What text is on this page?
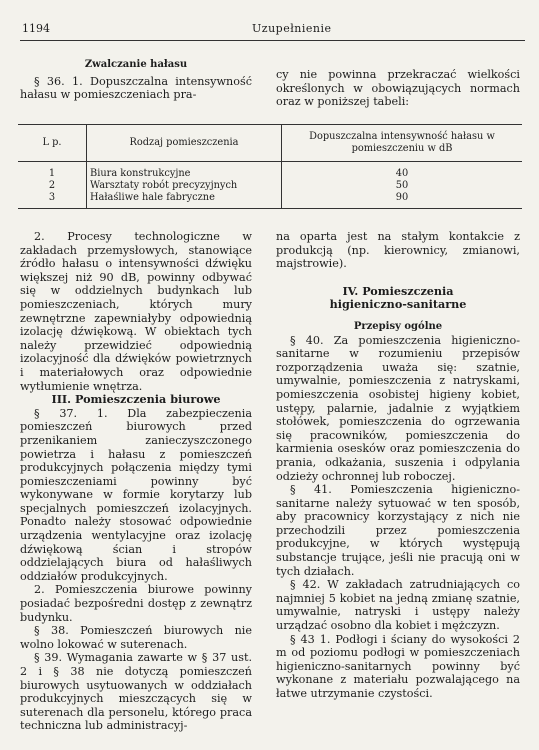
1194	Uzupełnienie

Zwalczanie hałasu

§ 36. 1. Dopuszczalna intensywność hałasu w pomieszczeniach pra-

cy nie powinna przekraczać wielkości określonych w obowiązujących normach oraz w poniższej tabeli:

L p.	Rodzaj pomieszczenia	Dopuszczalna intensywność hałasu w pomieszczeniu w dB
1	Biura konstrukcyjne	40
2	Warsztaty robót precyzyjnych	50
3	Hałaśliwe hale fabryczne	90

2. Procesy technologiczne w zakładach przemysłowych, stanowiące źródło hałasu o intensywności dźwięku większej niż 90 dB, powinny odbywać się w oddzielnych budynkach lub pomieszczeniach, których mury zewnętrzne zapewniałyby odpowiednią izolację dźwiękową. W obiektach tych należy przewidzieć odpowiednią izolacyjność dla dźwięków powietrznych i materiałowych oraz odpowiednie wytłumienie wnętrza.

III. Pomieszczenia biurowe

§ 37. 1. Dla zabezpieczenia pomieszczeń biurowych przed przenikaniem zanieczyszczonego powietrza i hałasu z pomieszczeń produkcyjnych połączenia między tymi pomieszczeniami powinny być wykonywane w formie korytarzy lub specjalnych pomieszczeń izolacyjnych. Ponadto należy stosować odpowiednie urządzenia wentylacyjne oraz izolację dźwiękową ścian i stropów oddzielających biura od hałaśliwych oddziałów produkcyjnych.

2. Pomieszczenia biurowe powinny posiadać bezpośredni dostęp z zewnątrz budynku.

§ 38. Pomieszczeń biurowych nie wolno lokować w suterenach.

§ 39. Wymagania zawarte w § 37 ust. 2 i § 38 nie dotyczą pomieszczeń biurowych usytuowanych w oddziałach produkcyjnych mieszczących się w suterenach dla personelu, którego praca techniczna lub administracyj-

na oparta jest na stałym kontakcie z produkcją (np. kierownicy, zmianowi, majstrowie).

IV. Pomieszczenia

higieniczno-sanitarne

Przepisy ogólne

§ 40. Za pomieszczenia higieniczno-sanitarne w rozumieniu przepisów rozporządzenia uważa się: szatnie, umywalnie, pomieszczenia z natryskami, pomieszczenia osobistej higieny kobiet, ustępy, palarnie, jadalnie z wyjątkiem stołówek, pomieszczenia do ogrzewania się pracowników, pomieszczenia do karmienia osesków oraz pomieszczenia do prania, odkażania, suszenia i odpylania odzieży ochronnej lub roboczej.

§ 41. Pomieszczenia higieniczno-sanitarne należy sytuować w ten sposób, aby pracownicy korzystający z nich nie przechodzili przez pomieszczenia produkcyjne, w których występują substancje trujące, jeśli nie pracują oni w tych działach.

§ 42. W zakładach zatrudniających co najmniej 5 kobiet na jedną zmianę szatnie, umywalnie, natryski i ustępy należy urządzać osobno dla kobiet i mężczyzn.

§ 43 1. Podłogi i ściany do wysokości 2 m od poziomu podłogi w pomieszczeniach higieniczno-sanitarnych powinny być wykonane z materiału pozwalającego na łatwe utrzymanie czystości.
